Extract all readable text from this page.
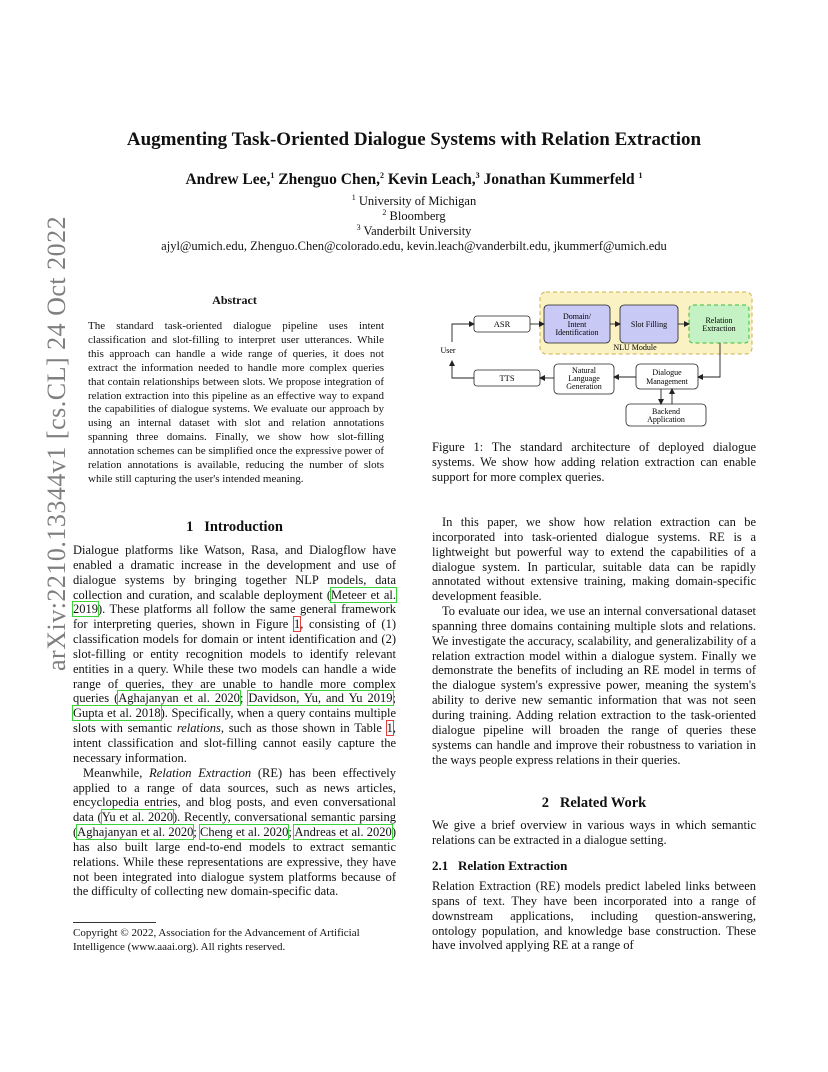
arXiv:2210.13344v1 [cs.CL] 24 Oct 2022
Augmenting Task-Oriented Dialogue Systems with Relation Extraction
Andrew Lee,$^1$ Zhenguo Chen,$^2$ Kevin Leach,$^3$ Jonathan Kummerfeld $^1$
$^1$ University of Michigan
$^2$ Bloomberg
$^3$ Vanderbilt University
ajyl@umich.edu, Zhenguo.Chen@colorado.edu, kevin.leach@vanderbilt.edu, jkummerf@umich.edu
Abstract
The standard task-oriented dialogue pipeline uses intent classification and slot-filling to interpret user utterances. While this approach can handle a wide range of queries, it does not extract the information needed to handle more complex queries that contain relationships between slots. We propose integration of relation extraction into this pipeline as an effective way to expand the capabilities of dialogue systems. We evaluate our approach by using an internal dataset with slot and relation annotations spanning three domains. Finally, we show how slot-filling annotation schemes can be simplified once the expressive power of relation annotations is available, reducing the number of slots while still capturing the user's intended meaning.
1 Introduction

Dialogue platforms like Watson, Rasa, and Dialogflow have enabled a dramatic increase in the development and use of dialogue systems by bringing together NLP models, data collection and curation, and scalable deployment (Meteer et al. 2019). These platforms all follow the same general framework for interpreting queries, shown in Figure 1, consisting of (1) classification models for domain or intent identification and (2) slot-filling or entity recognition models to identify relevant entities in a query. While these two models can handle a wide range of queries, they are unable to handle more complex queries (Aghajanyan et al. 2020; Davidson, Yu, and Yu 2019; Gupta et al. 2018). Specifically, when a query contains multiple slots with semantic relations, such as those shown in Table 1, intent classification and slot-filling cannot easily capture the necessary information.

Meanwhile, Relation Extraction (RE) has been effectively applied to a range of data sources, such as news articles, encyclopedia entries, and blog posts, and even conversational data (Yu et al. 2020). Recently, conversational semantic parsing (Aghajanyan et al. 2020; Cheng et al. 2020; Andreas et al. 2020) has also built large end-to-end models to extract semantic relations. While these representations are expressive, they have not been integrated into dialogue system platforms because of the difficulty of collecting new domain-specific data.

Copyright © 2022, Association for the Advancement of Artificial Intelligence (www.aaai.org). All rights reserved.
NLU Module
ASR
Domain/
Intent
Identification
Slot Filling	Relation
Extraction
User
TTS
Natural
Language
Generation
Dialogue
Management
Backend
Application
Figure 1: The standard architecture of deployed dialogue systems. We show how adding relation extraction can enable support for more complex queries.

In this paper, we show how relation extraction can be incorporated into task-oriented dialogue systems. RE is a lightweight but powerful way to extend the capabilities of a dialogue system. In particular, suitable data can be rapidly annotated without extensive training, making domain-specific development feasible.

To evaluate our idea, we use an internal conversational dataset spanning three domains containing multiple slots and relations. We investigate the accuracy, scalability, and generalizability of a relation extraction model within a dialogue system. Finally we demonstrate the benefits of including an RE model in terms of the dialogue system's expressive power, meaning the system's ability to derive new semantic information that was not seen during training. Adding relation extraction to the task-oriented dialogue pipeline will broaden the range of queries these systems can handle and improve their robustness to variation in the ways people express relations in their queries.

2 Related Work

We give a brief overview in various ways in which semantic relations can be extracted in a dialogue setting.

2.1 Relation Extraction

Relation Extraction (RE) models predict labeled links between spans of text. They have been incorporated into a range of downstream applications, including question-answering, ontology population, and knowledge base construction. These have involved applying RE at a range of
